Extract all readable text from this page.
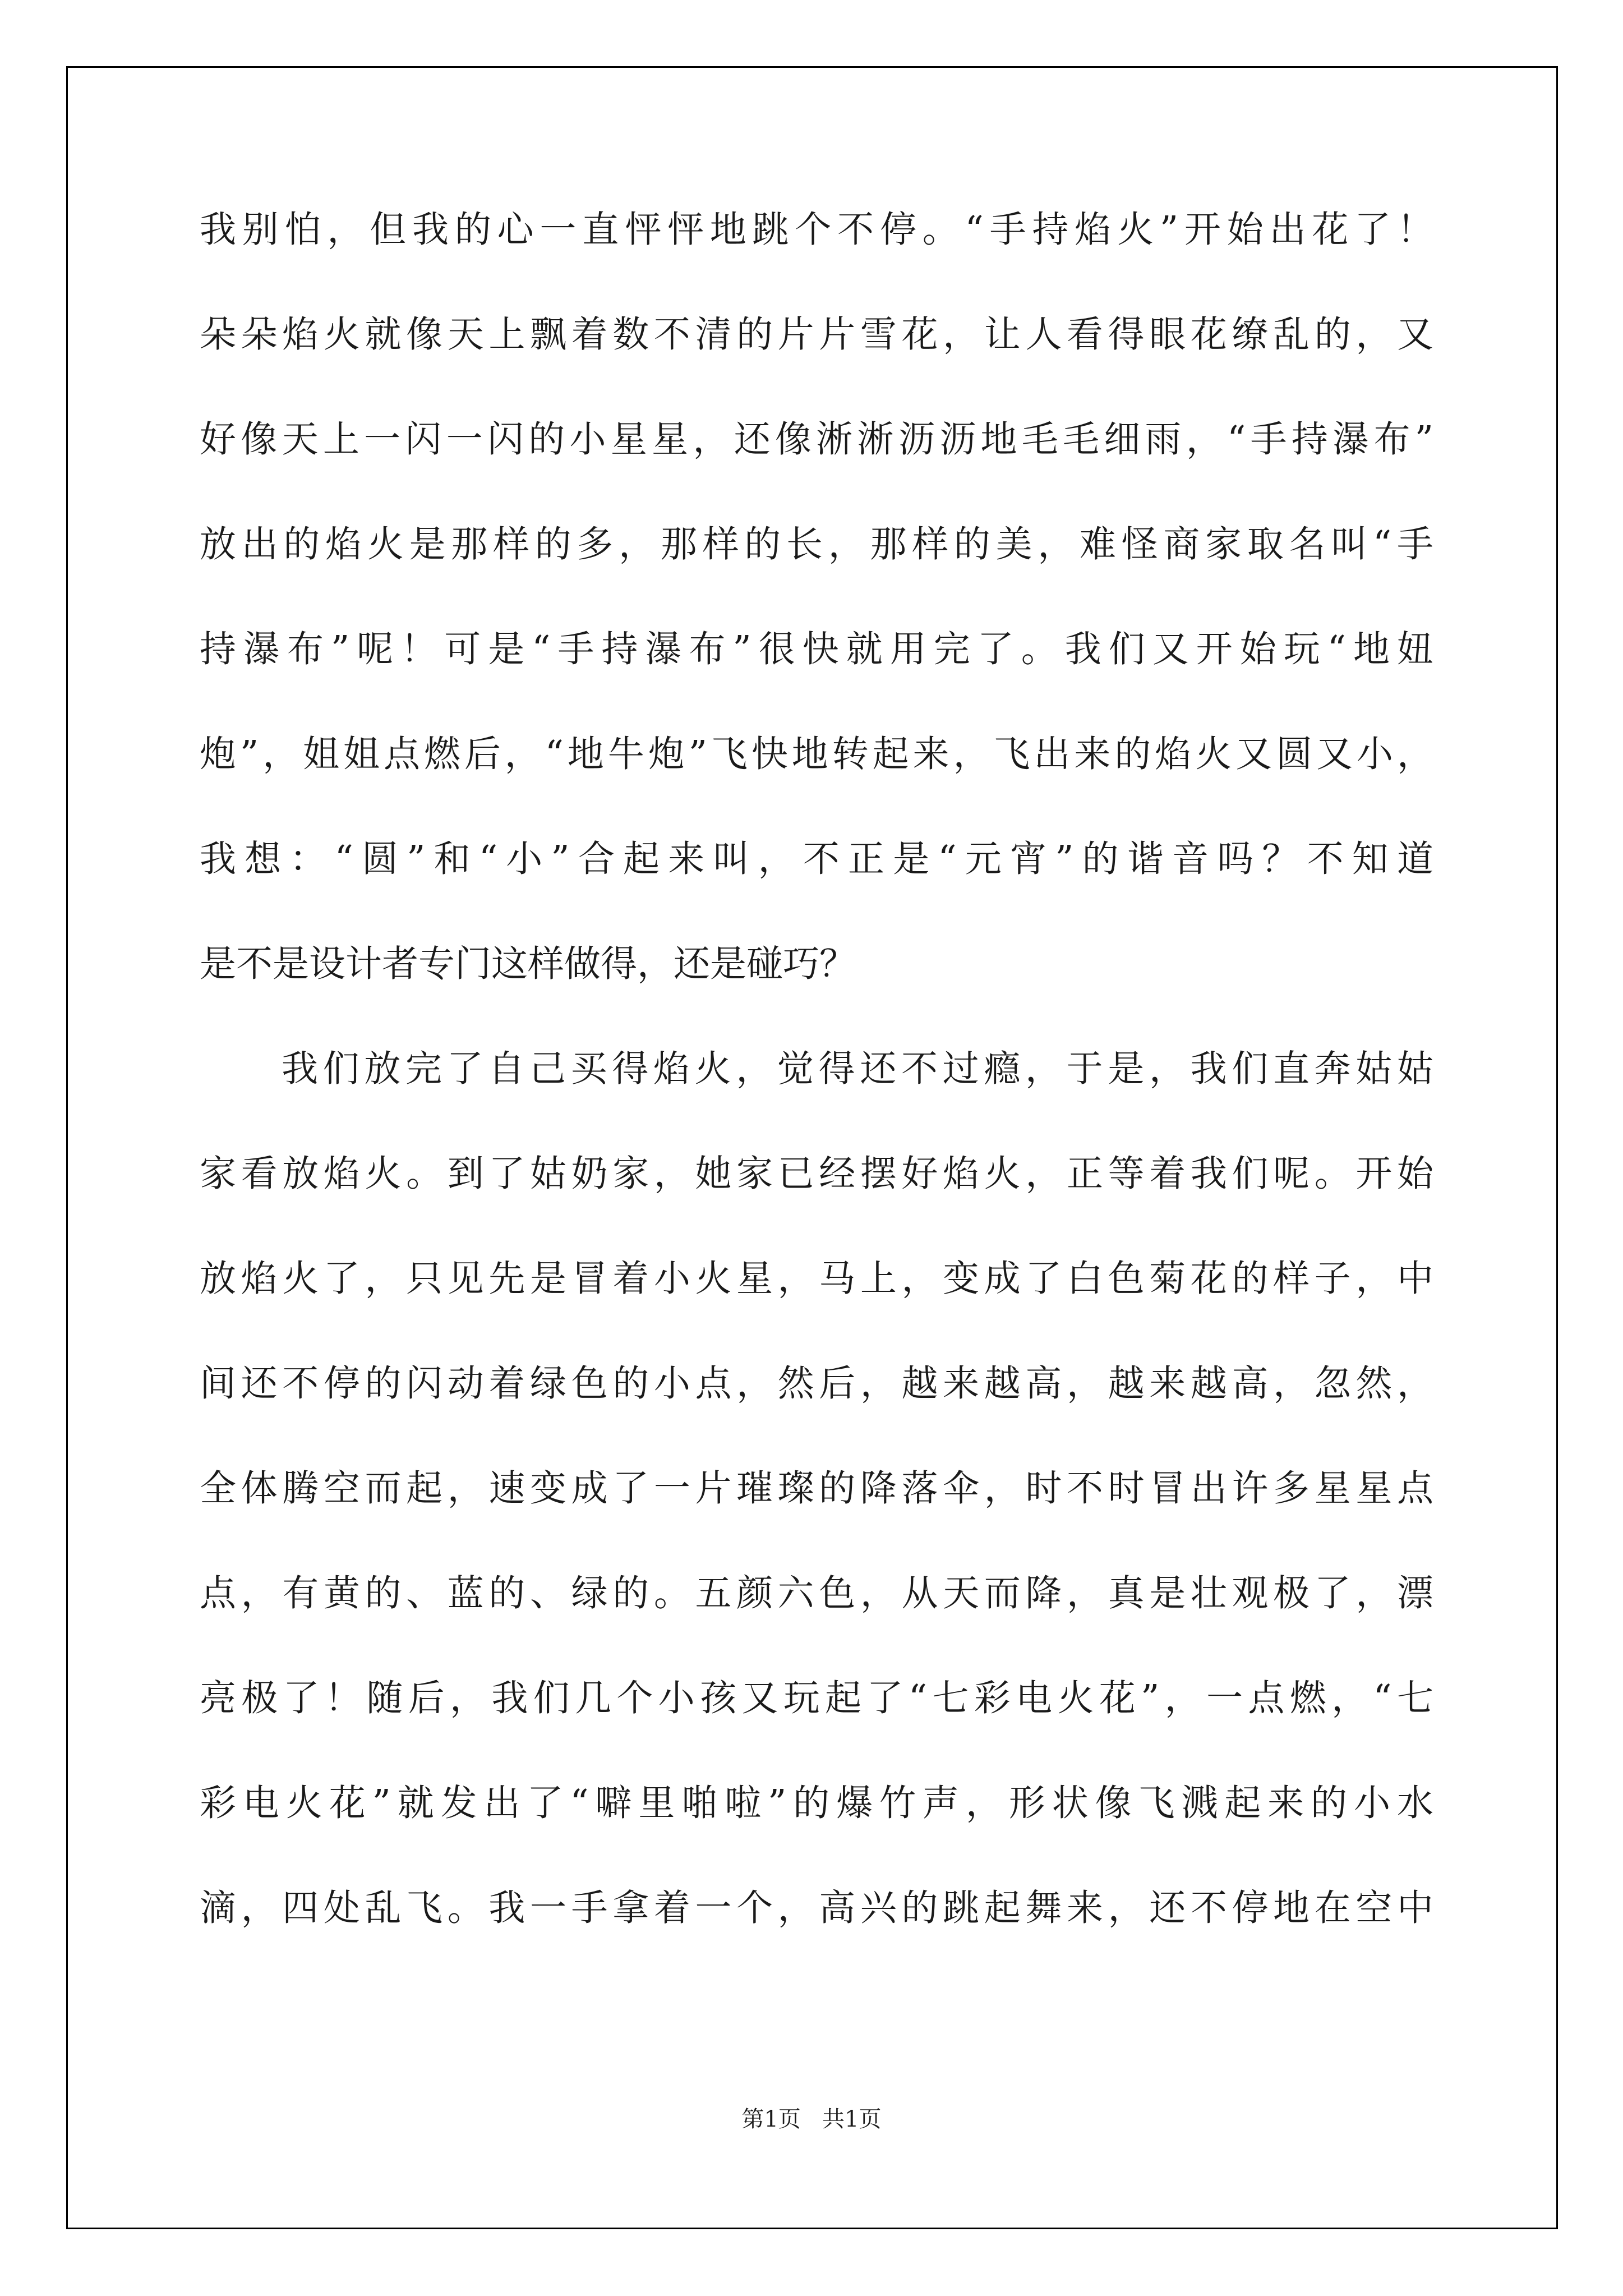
我别怕，但我的心一直怦怦地跳个不停。“手持焰火”开始出花了！
朵朵焰火就像天上飘着数不清的片片雪花，让人看得眼花缭乱的，又
好像天上一闪一闪的小星星，还像淅淅沥沥地毛毛细雨，“手持瀑布”
放出的焰火是那样的多，那样的长，那样的美，难怪商家取名叫“手
持瀑布”呢！可是“手持瀑布”很快就用完了。我们又开始玩“地妞
炮”，姐姐点燃后，“地牛炮”飞快地转起来，飞出来的焰火又圆又小，
我想：“圆”和“小”合起来叫，不正是“元宵”的谐音吗？不知道
是不是设计者专门这样做得，还是碰巧？
我们放完了自己买得焰火，觉得还不过瘾，于是，我们直奔姑姑
家看放焰火。到了姑奶家，她家已经摆好焰火，正等着我们呢。开始
放焰火了，只见先是冒着小火星，马上，变成了白色菊花的样子，中
间还不停的闪动着绿色的小点，然后，越来越高，越来越高，忽然，
全体腾空而起，速变成了一片璀璨的降落伞，时不时冒出许多星星点
点，有黄的、蓝的、绿的。五颜六色，从天而降，真是壮观极了，漂
亮极了！随后，我们几个小孩又玩起了“七彩电火花”，一点燃，“七
彩电火花”就发出了“噼里啪啦”的爆竹声，形状像飞溅起来的小水
滴，四处乱飞。我一手拿着一个，高兴的跳起舞来，还不停地在空中
第1页   共1页
